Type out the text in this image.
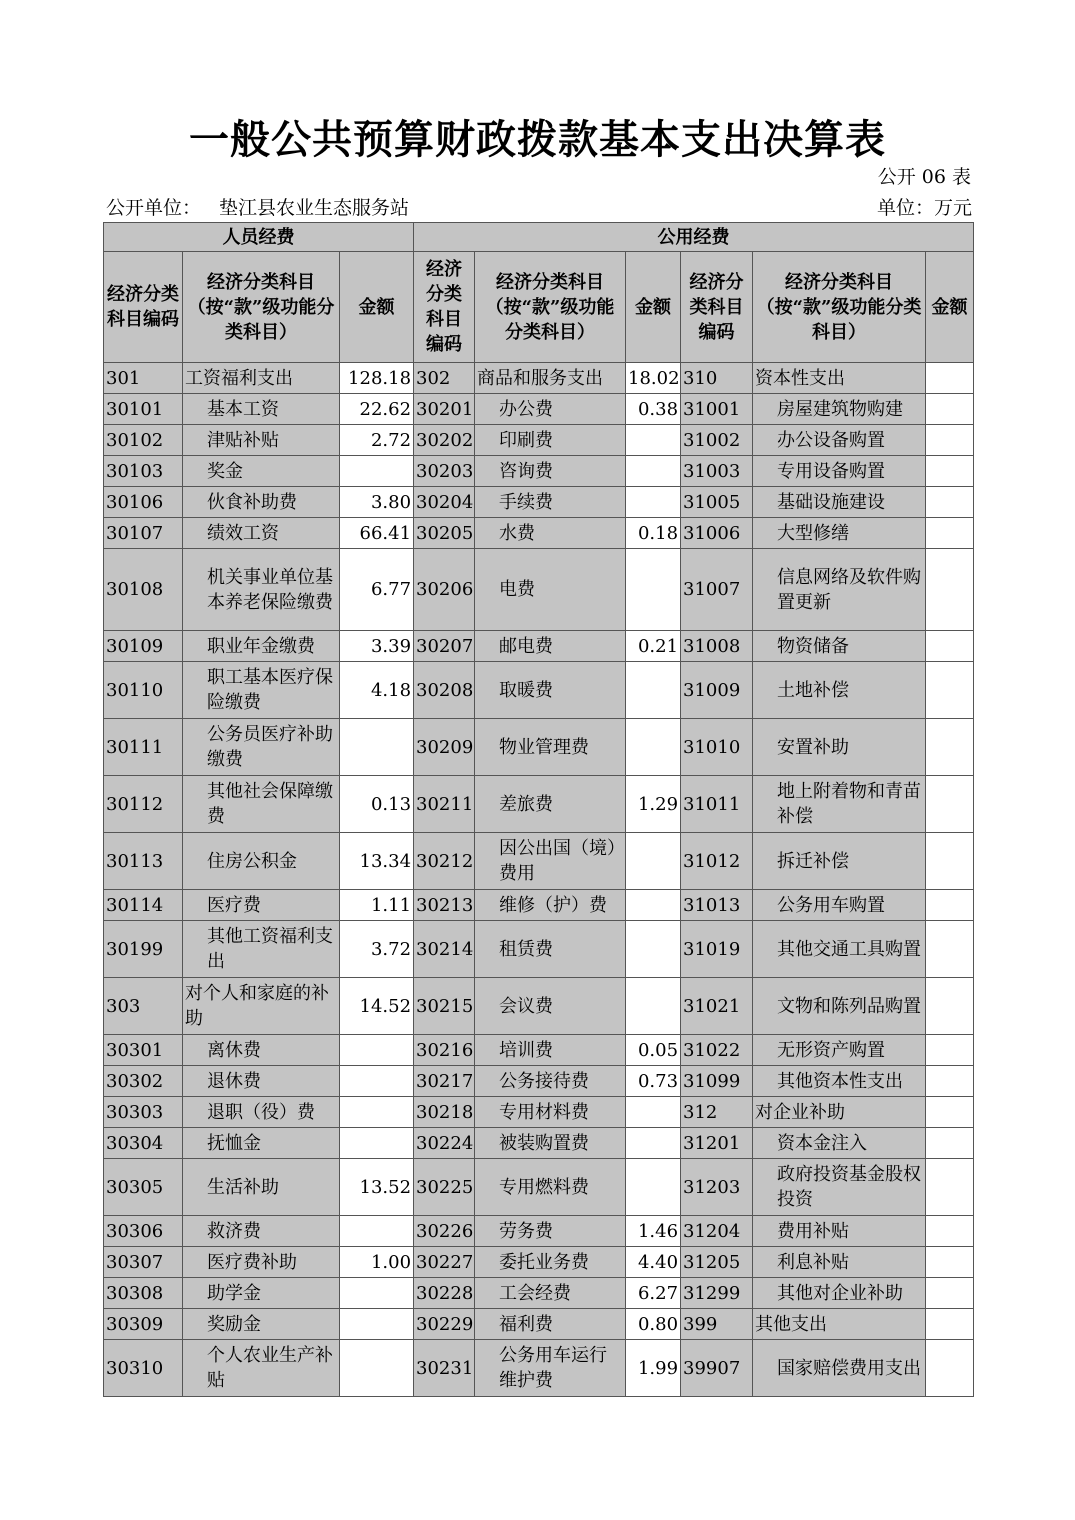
一般公共预算财政拨款基本支出决算表
公开 06 表
公开单位： 垫江县农业生态服务站	单位：万元
人员经费			公用经费					
经济分类科目编码	经济分类科目（按“款”级功能分类科目）	金额	经济分类科目编码	经济分类科目（按“款”级功能分类科目）	金额	经济分类科目编码	经济分类科目（按“款”级功能分类科目）	金额
301	工资福利支出	128.18	302	商品和服务支出	18.02	310	资本性支出	
30101	基本工资	22.62	30201	办公费	0.38	31001	房屋建筑物购建	
30102	津贴补贴	2.72	30202	印刷费		31002	办公设备购置	
30103	奖金		30203	咨询费		31003	专用设备购置	
30106	伙食补助费	3.80	30204	手续费		31005	基础设施建设	
30107	绩效工资	66.41	30205	水费	0.18	31006	大型修缮	
30108	机关事业单位基本养老保险缴费	6.77	30206	电费		31007	信息网络及软件购置更新	
30109	职业年金缴费	3.39	30207	邮电费	0.21	31008	物资储备	
30110	职工基本医疗保险缴费	4.18	30208	取暖费		31009	土地补偿	
30111	公务员医疗补助缴费		30209	物业管理费		31010	安置补助	
30112	其他社会保障缴费	0.13	30211	差旅费	1.29	31011	地上附着物和青苗补偿	
30113	住房公积金	13.34	30212	因公出国（境）费用		31012	拆迁补偿	
30114	医疗费	1.11	30213	维修（护）费		31013	公务用车购置	
30199	其他工资福利支出	3.72	30214	租赁费		31019	其他交通工具购置	
303	对个人和家庭的补助	14.52	30215	会议费		31021	文物和陈列品购置	
30301	离休费		30216	培训费	0.05	31022	无形资产购置	
30302	退休费		30217	公务接待费	0.73	31099	其他资本性支出	
30303	退职（役）费		30218	专用材料费		312	对企业补助	
30304	抚恤金		30224	被装购置费		31201	资本金注入	
30305	生活补助	13.52	30225	专用燃料费		31203	政府投资基金股权投资	
30306	救济费		30226	劳务费	1.46	31204	费用补贴	
30307	医疗费补助	1.00	30227	委托业务费	4.40	31205	利息补贴	
30308	助学金		30228	工会经费	6.27	31299	其他对企业补助	
30309	奖励金		30229	福利费	0.80	399	其他支出	
30310	个人农业生产补贴		30231	公务用车运行维护费	1.99	39907	国家赔偿费用支出	
